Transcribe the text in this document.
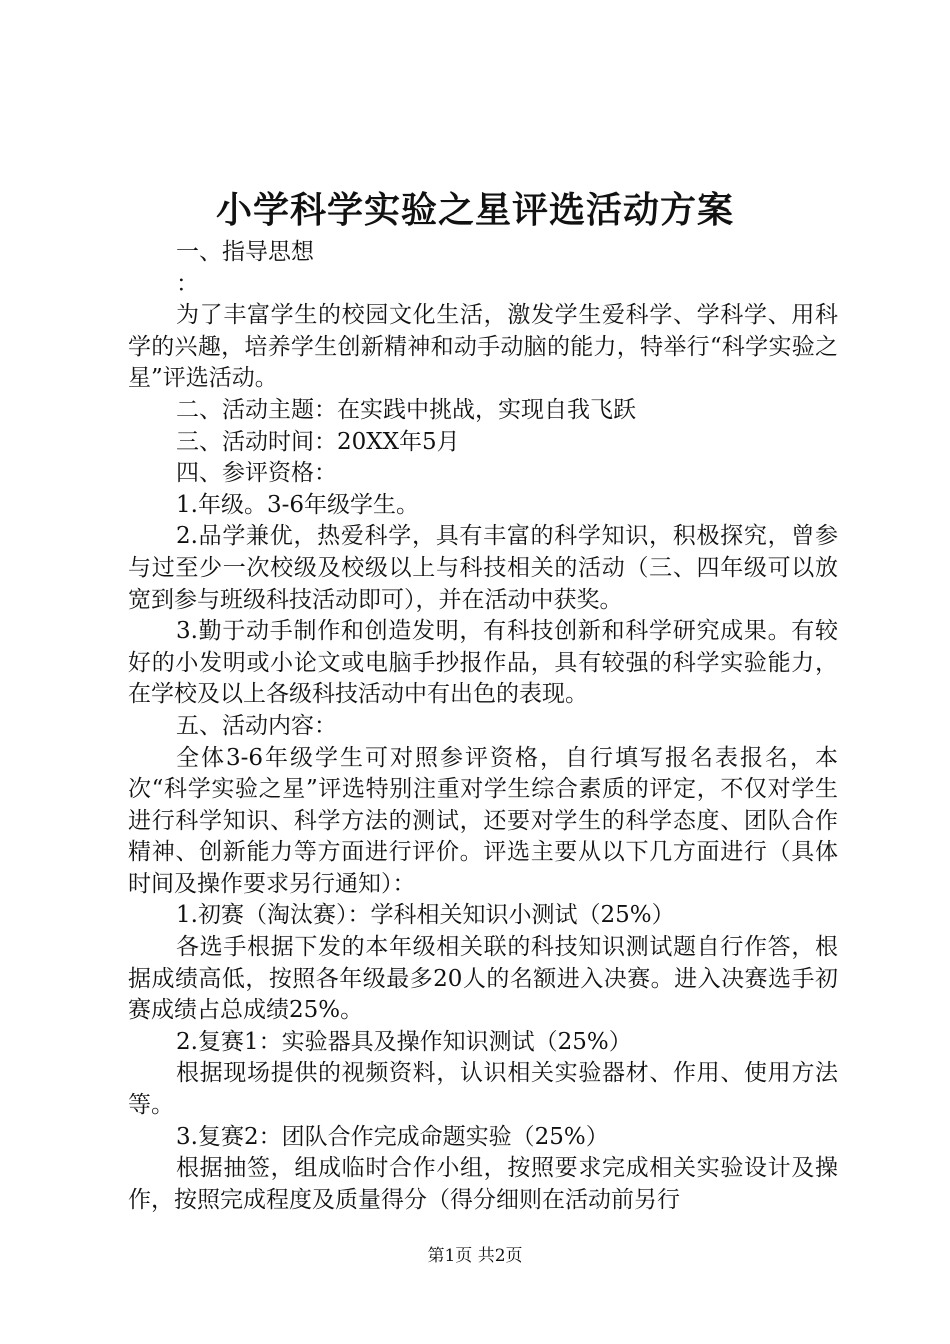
小学科学实验之星评选活动方案

一、指导思想

：

为了丰富学生的校园文化生活，激发学生爱科学、学科学、用科学的兴趣，培养学生创新精神和动手动脑的能力，特举行“科学实验之星”评选活动。

二、活动主题：在实践中挑战，实现自我飞跃

三、活动时间：20XX年5月

四、参评资格：

1.年级。3-6年级学生。

2.品学兼优，热爱科学，具有丰富的科学知识，积极探究，曾参与过至少一次校级及校级以上与科技相关的活动（三、四年级可以放宽到参与班级科技活动即可），并在活动中获奖。

3.勤于动手制作和创造发明，有科技创新和科学研究成果。有较好的小发明或小论文或电脑手抄报作品，具有较强的科学实验能力，在学校及以上各级科技活动中有出色的表现。

五、活动内容：

全体3-6年级学生可对照参评资格，自行填写报名表报名，本次“科学实验之星”评选特别注重对学生综合素质的评定，不仅对学生进行科学知识、科学方法的测试，还要对学生的科学态度、团队合作精神、创新能力等方面进行评价。评选主要从以下几方面进行（具体时间及操作要求另行通知）：

1.初赛（淘汰赛）：学科相关知识小测试（25%）

各选手根据下发的本年级相关联的科技知识测试题自行作答，根据成绩高低，按照各年级最多20人的名额进入决赛。进入决赛选手初赛成绩占总成绩25%。

2.复赛1：实验器具及操作知识测试（25%）

根据现场提供的视频资料，认识相关实验器材、作用、使用方法等。

3.复赛2：团队合作完成命题实验（25%）

根据抽签，组成临时合作小组，按照要求完成相关实验设计及操作，按照完成程度及质量得分（得分细则在活动前另行

第1页 共2页
